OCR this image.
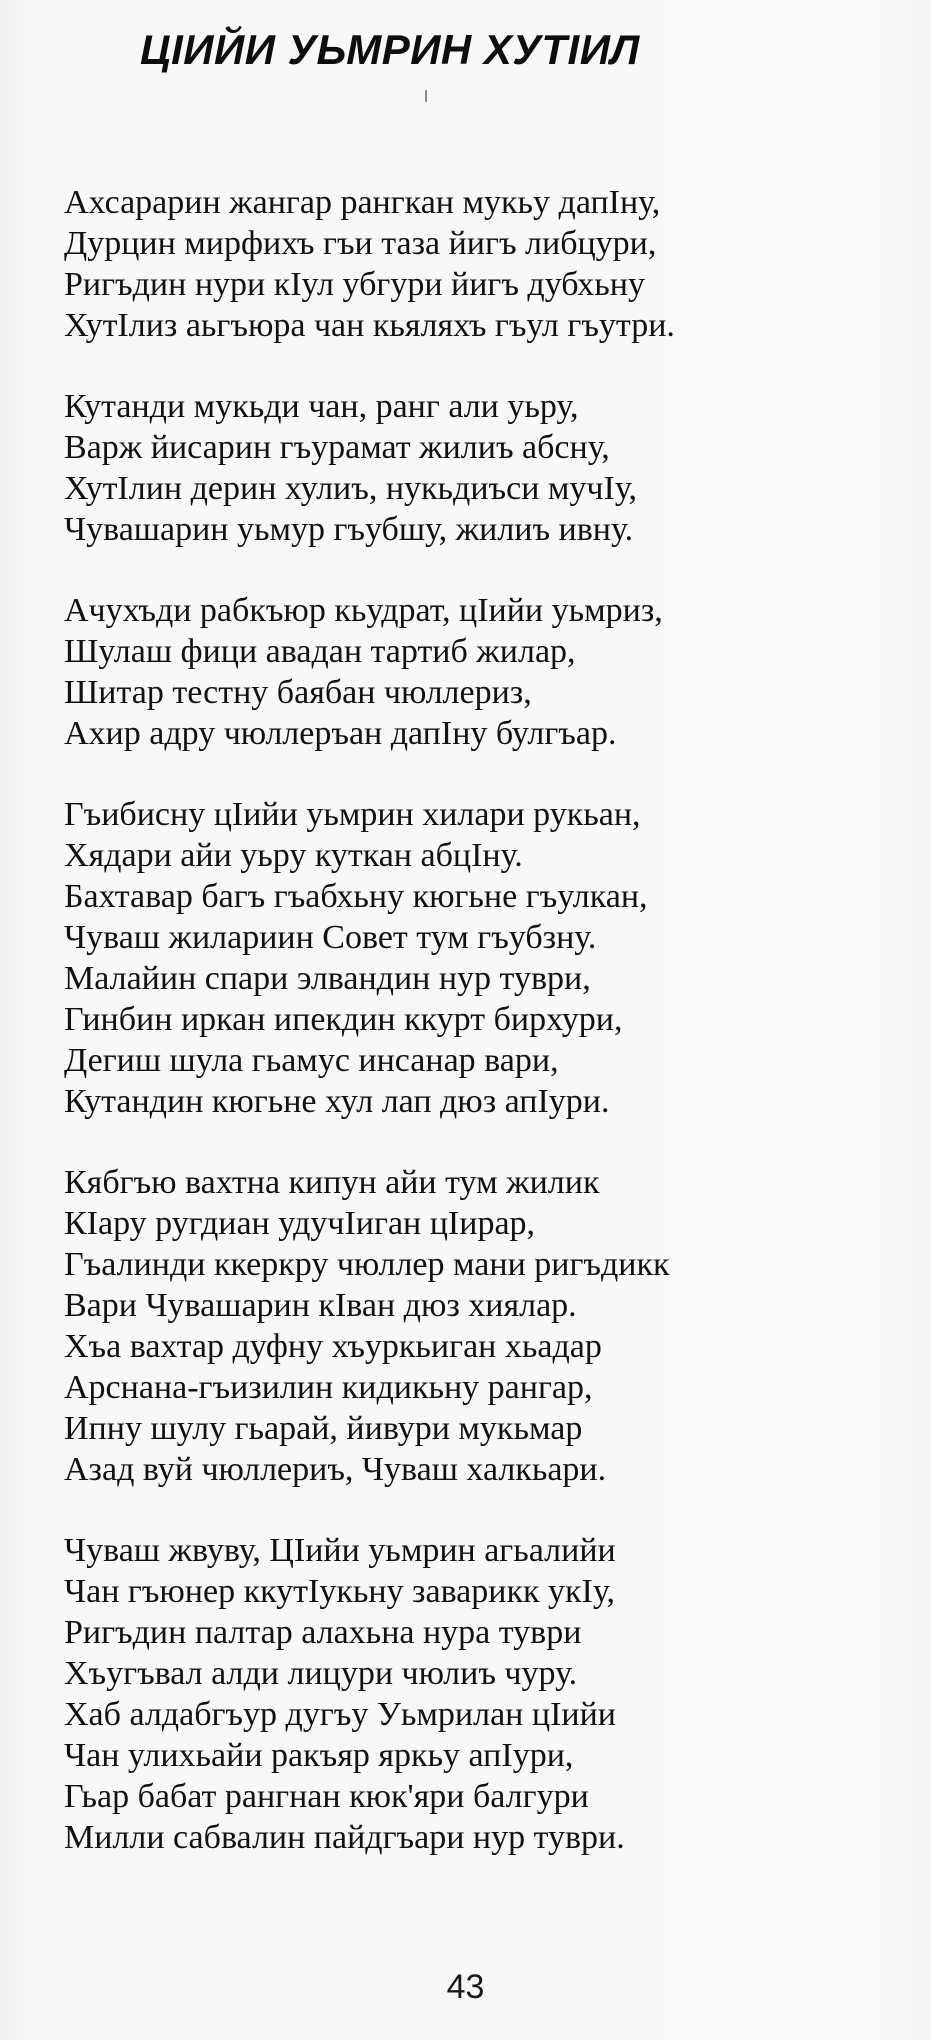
ЦIИЙИ УЬМРИН ХУТIИЛ
Ахсарарин жангар рангкан мукьу дапIну,
Дурцин мирфихъ гъи таза йигъ либцури,
Ригъдин нури кIул убгури йигъ дубхьну
ХутIлиз аьгъюра чан кьяляхъ гъул гъутри.
Кутанди мукьди чан, ранг али уьру,
Варж йисарин гъурамат жилиъ абсну,
ХутIлин дерин хулиъ, нукьдиъси мучIу,
Чувашарин уьмур гъубшу, жилиъ ивну.
Ачухъди рабкъюр кьудрат, цIийи уьмриз,
Шулаш фици авадан тартиб жилар,
Шитар тестну баябан чюллериз,
Ахир адру чюллеръан дапIну булгъар.
Гъибисну цIийи уьмрин хилари рукьан,
Хядари айи уьру куткан абцIну.
Бахтавар багъ гъабхьну кюгьне гъулкан,
Чуваш жилариин Совет тум гъубзну.
Малайин спари элвандин нур туври,
Гинбин иркан ипекдин ккурт бирхури,
Дегиш шула гьамус инсанар вари,
Кутандин кюгьне хул лап дюз апIури.
Кябгъю вахтна кипун айи тум жилик
КIару ругдиан удучIиган цIирар,
Гъалинди ккеркру чюллер мани ригъдикк
Вари Чувашарин кIван дюз хиялар.
Хъа вахтар дуфну хъуркьиган хьадар
Арснана-гъизилин кидикьну рангар,
Ипну шулу гьарай, йивури мукьмар
Азад вуй чюллериъ, Чуваш халкьари.
Чуваш жвуву, ЦIийи уьмрин агьалийи
Чан гъюнер ккутIукьну заварикк укIу,
Ригъдин палтар алахьна нура туври
Хъугъвал алди лицури чюлиъ чуру.
Хаб алдабгъур дугъу Уьмрилан цIийи
Чан улихьайи ракъяр яркьу апIури,
Гьар бабат рангнан кюк'яри балгури
Милли сабвалин пайдгъари нур туври.
43
